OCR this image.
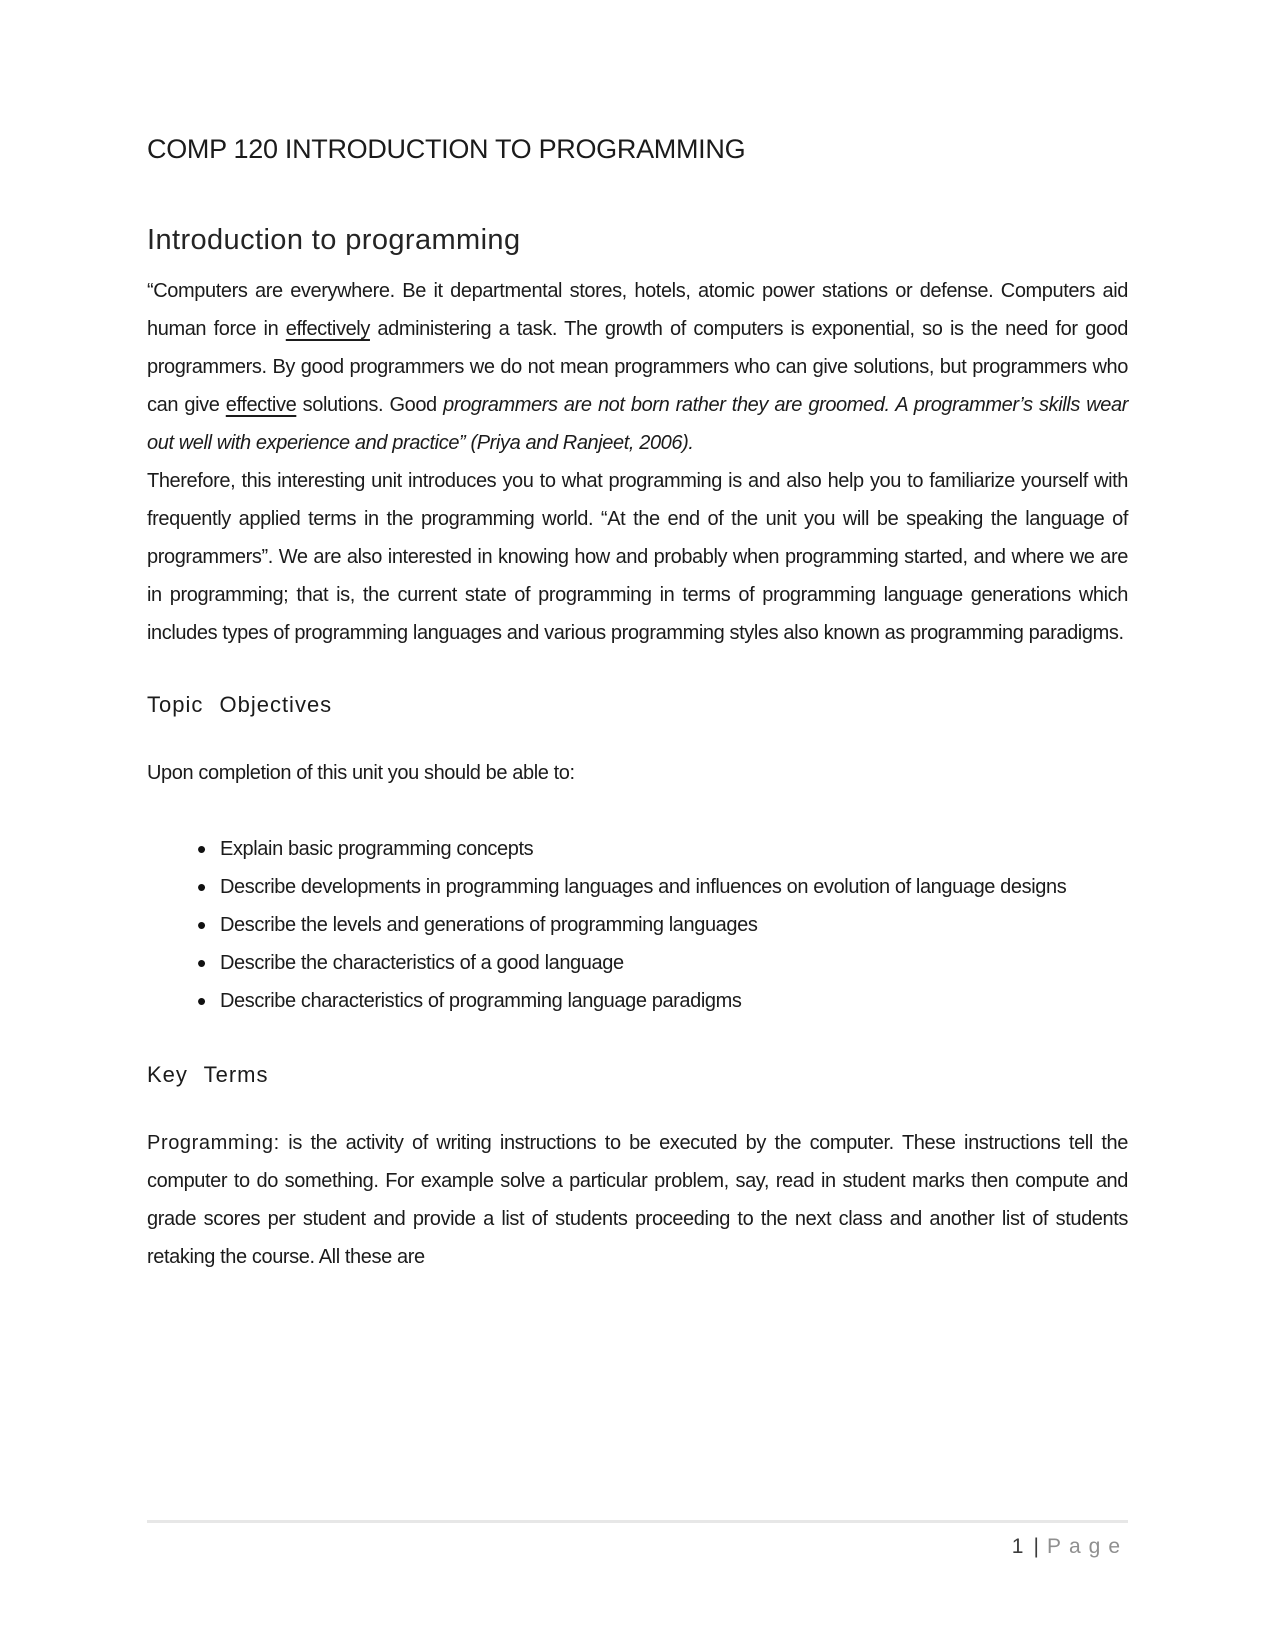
COMP 120 INTRODUCTION TO PROGRAMMING
Introduction to programming

“Computers are everywhere. Be it departmental stores, hotels, atomic power stations or defense. Computers aid human force in effectively administering a task. The growth of computers is exponential, so is the need for good programmers. By good programmers we do not mean programmers who can give solutions, but programmers who can give effective solutions. Good programmers are not born rather they are groomed. A programmer’s skills wear out well with experience and practice” (Priya and Ranjeet, 2006).

Therefore, this interesting unit introduces you to what programming is and also help you to familiarize yourself with frequently applied terms in the programming world. “At the end of the unit you will be speaking the language of programmers”. We are also interested in knowing how and probably when programming started, and where we are in programming; that is, the current state of programming in terms of programming language generations which includes types of programming languages and various programming styles also known as programming paradigms.

Topic Objectives

Upon completion of this unit you should be able to:

• Explain basic programming concepts
• Describe developments in programming languages and influences on evolution of language designs
• Describe the levels and generations of programming languages
• Describe the characteristics of a good language
• Describe characteristics of programming language paradigms
Key Terms

Programming: is the activity of writing instructions to be executed by the computer. These instructions tell the computer to do something. For example solve a particular problem, say, read in student marks then compute and grade scores per student and provide a list of students proceeding to the next class and another list of students retaking the course. All these are

1 | Page
